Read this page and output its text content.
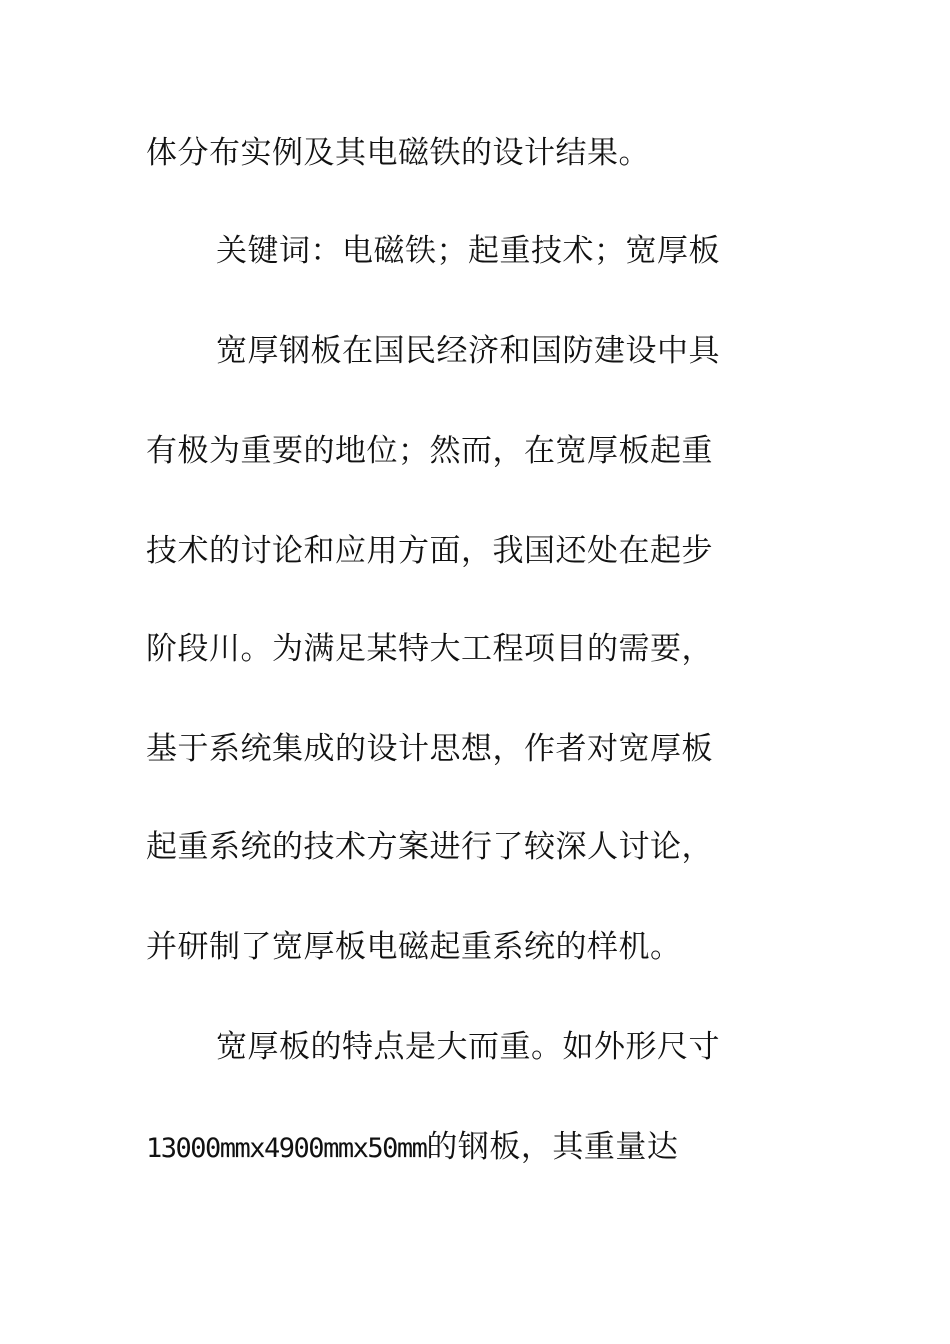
体分布实例及其电磁铁的设计结果。
关键词：电磁铁；起重技术；宽厚板
宽厚钢板在国民经济和国防建设中具
有极为重要的地位；然而，在宽厚板起重
技术的讨论和应用方面，我国还处在起步
阶段川。为满足某特大工程项目的需要，
基于系统集成的设计思想，作者对宽厚板
起重系统的技术方案进行了较深人讨论，
并研制了宽厚板电磁起重系统的样机。
宽厚板的特点是大而重。如外形尺寸
13000mmx4900mmx50mm的钢板，其重量达
